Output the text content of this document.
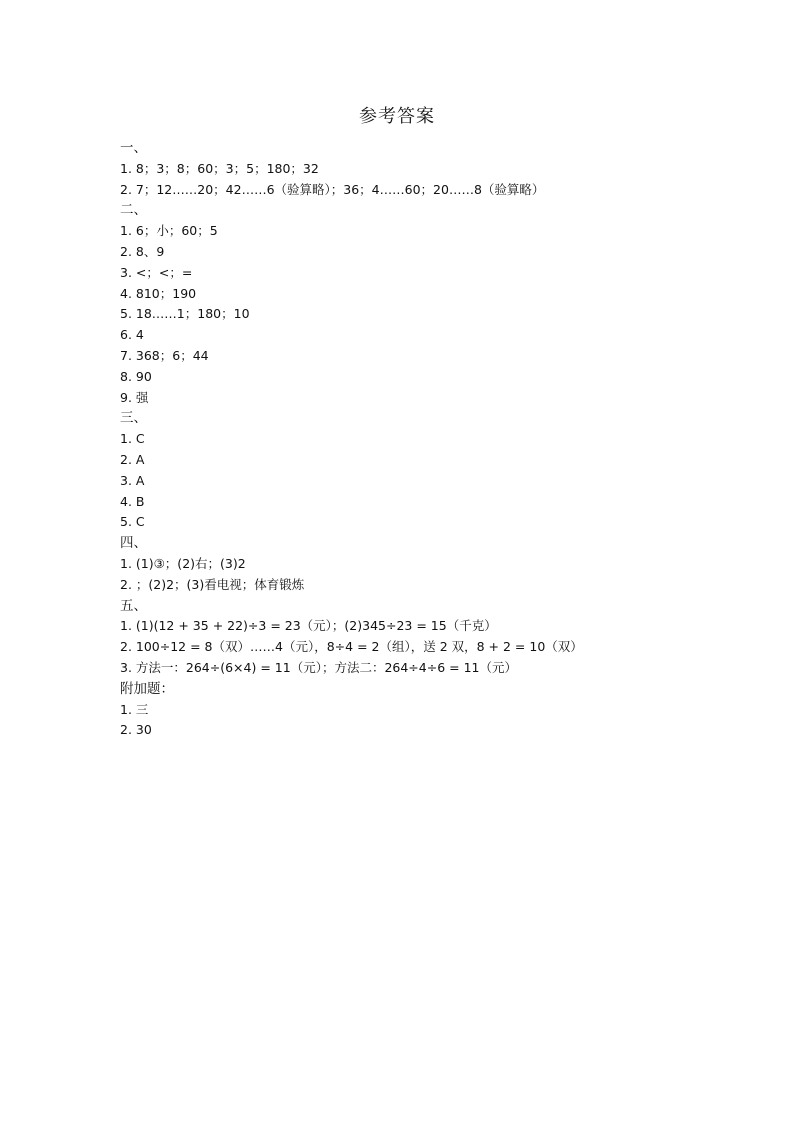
参考答案
一、
1. 8；3；8；60；3；5；180；32
2. 7；12……20；42……6（验算略）；36；4……60；20……8（验算略）
二、
1. 6；小；60；5
2. 8、9
3. <；<；=
4. 810；190
5. 18……1；180；10
6. 4
7. 368；6；44
8. 90
9. 强
三、
1. C
2. A
3. A
4. B
5. C
四、
1. (1)③；(2)右；(3)2
2. ；(2)2；(3)看电视；体育锻炼
五、
1. (1)(12 + 35 + 22)÷3 = 23（元）；(2)345÷23 = 15（千克）
2. 100÷12 = 8（双）……4（元），8÷4 = 2（组），送 2 双，8 + 2 = 10（双）
3. 方法一：264÷(6×4) = 11（元）；方法二：264÷4÷6 = 11（元）
附加题：
1. 三
2. 30
